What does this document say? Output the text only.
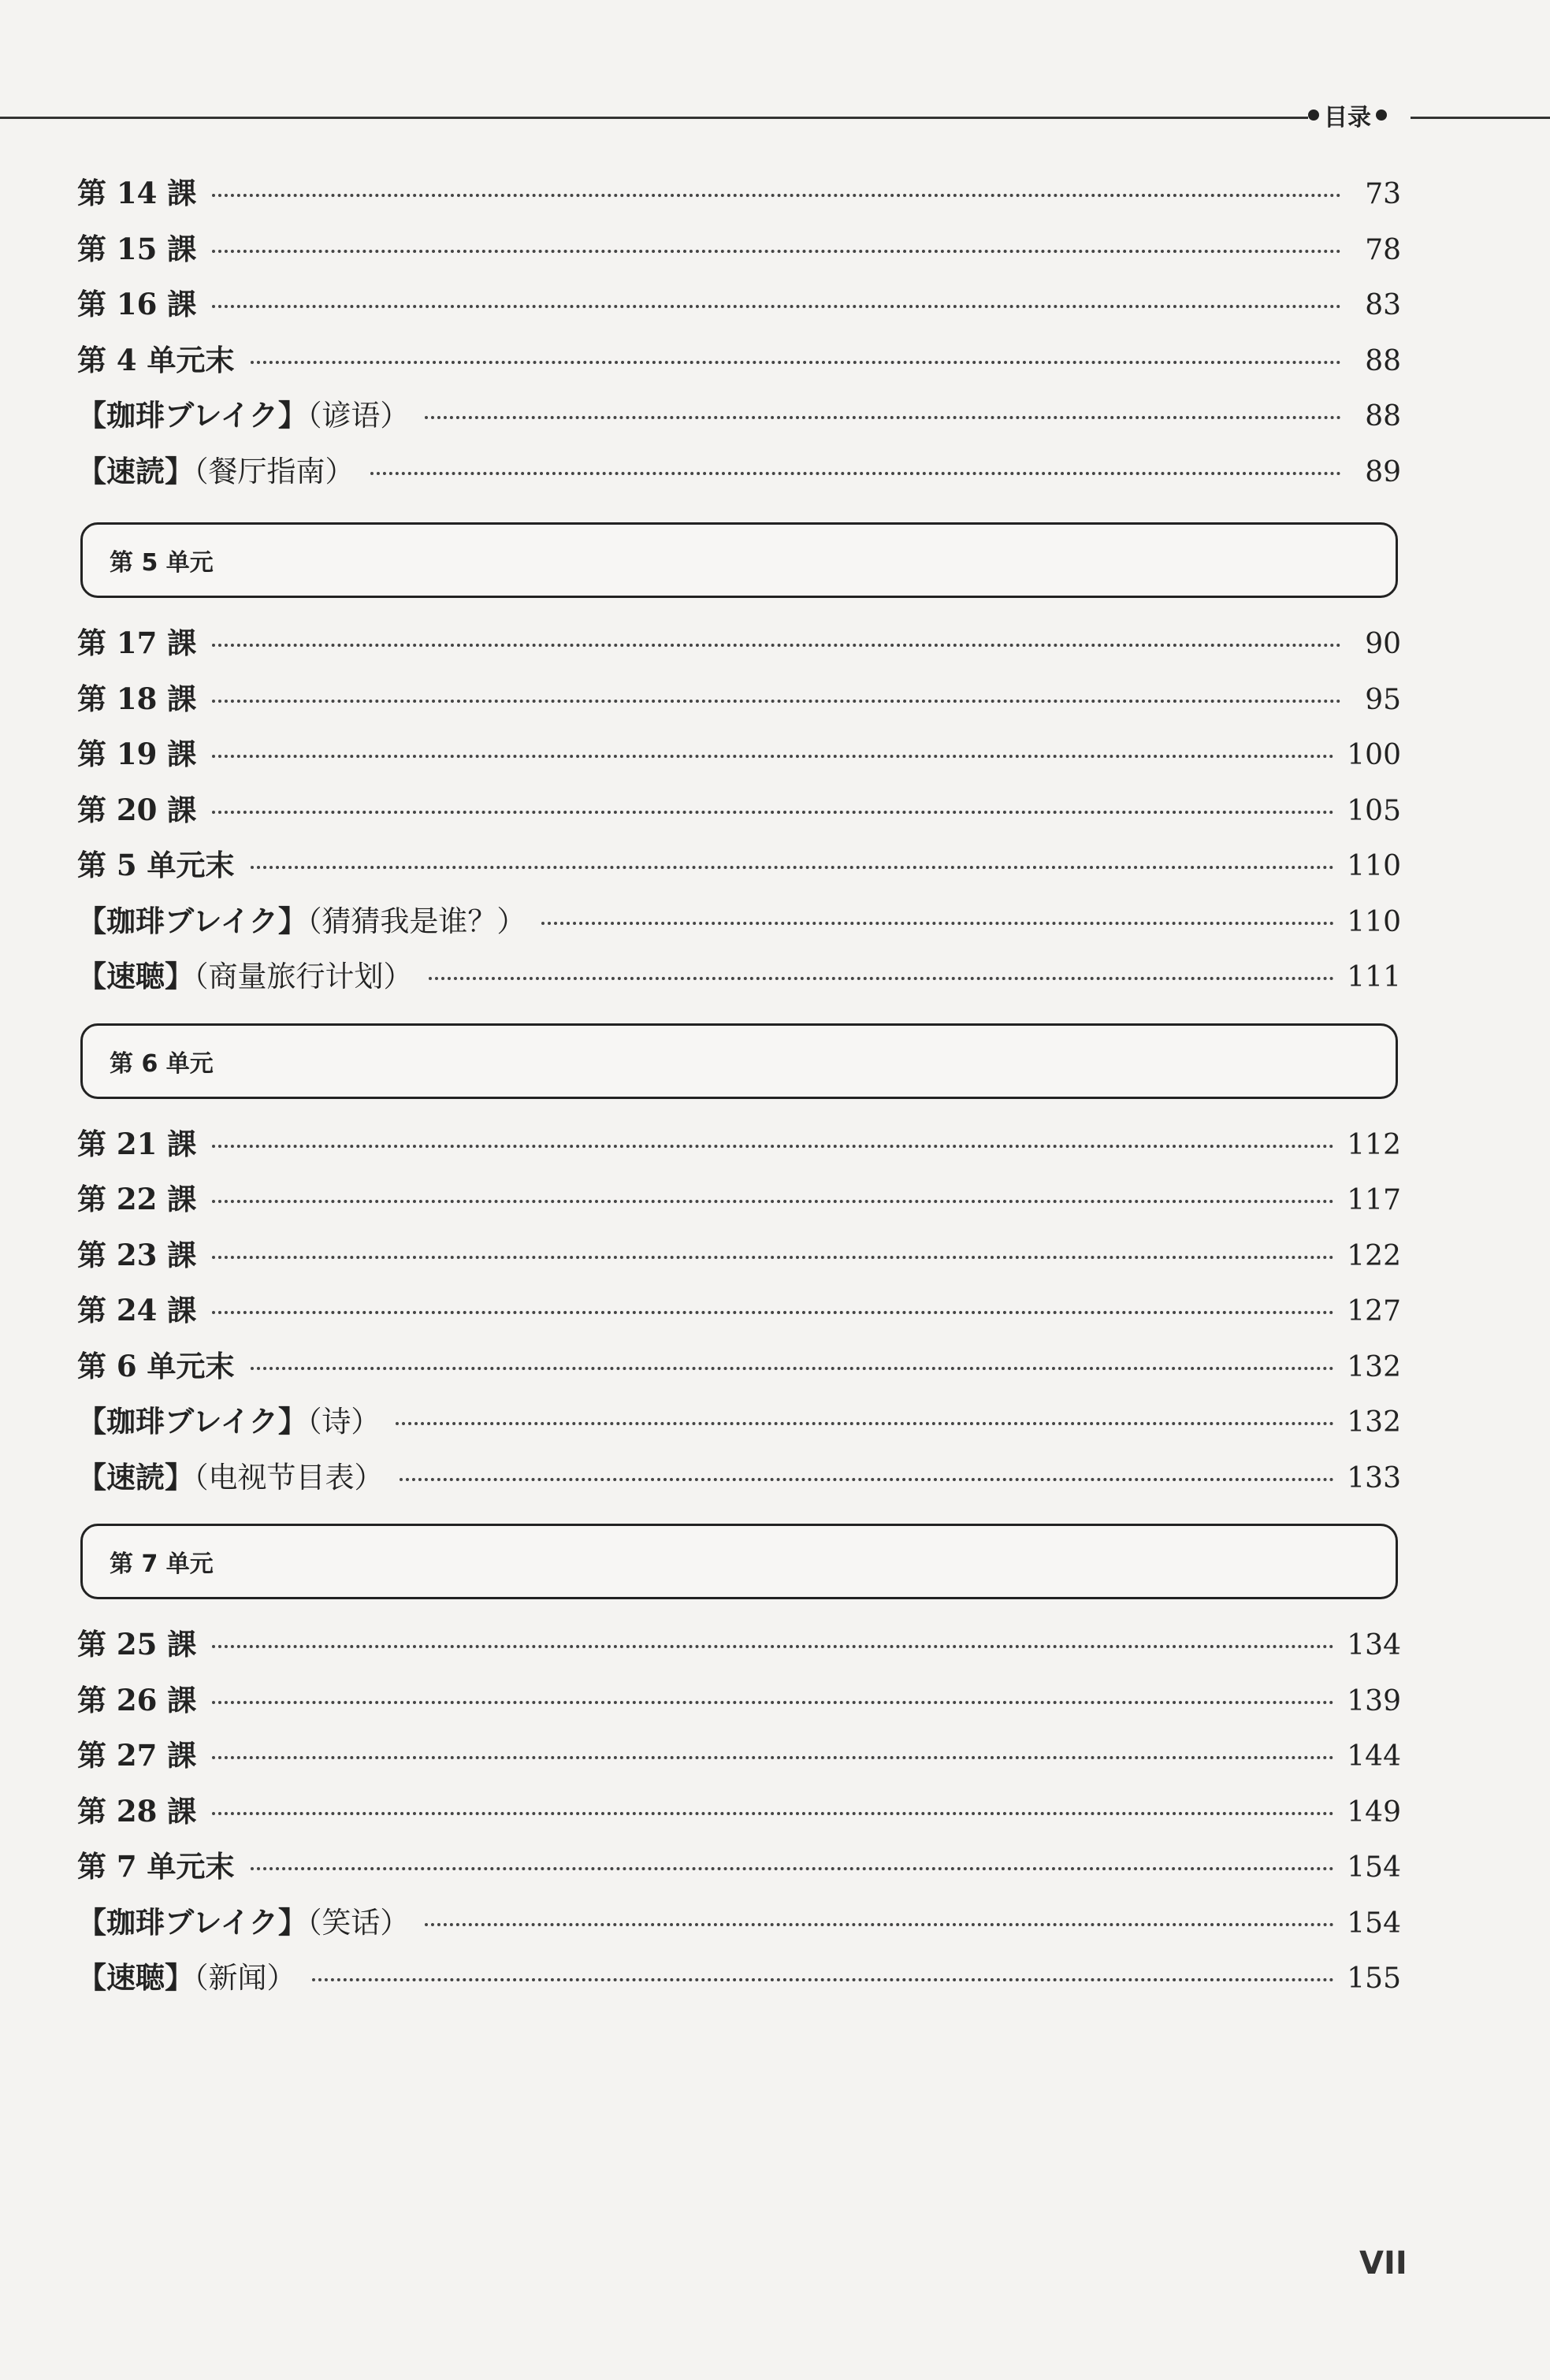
目录
第 14 課	73
第 15 課	78
第 16 課	83
第 4 单元末	88
【珈琲ブレイク】（谚语）	88
【速読】（餐厅指南）	89
第 5 单元
第 17 課	90
第 18 課	95
第 19 課	100
第 20 課	105
第 5 单元末	110
【珈琲ブレイク】（猜猜我是谁？）	110
【速聴】（商量旅行计划）	111
第 6 单元
第 21 課	112
第 22 課	117
第 23 課	122
第 24 課	127
第 6 单元末	132
【珈琲ブレイク】（诗）	132
【速読】（电视节目表）	133
第 7 单元
第 25 課	134
第 26 課	139
第 27 課	144
第 28 課	149
第 7 单元末	154
【珈琲ブレイク】（笑话）	154
【速聴】（新闻）	155
VII
